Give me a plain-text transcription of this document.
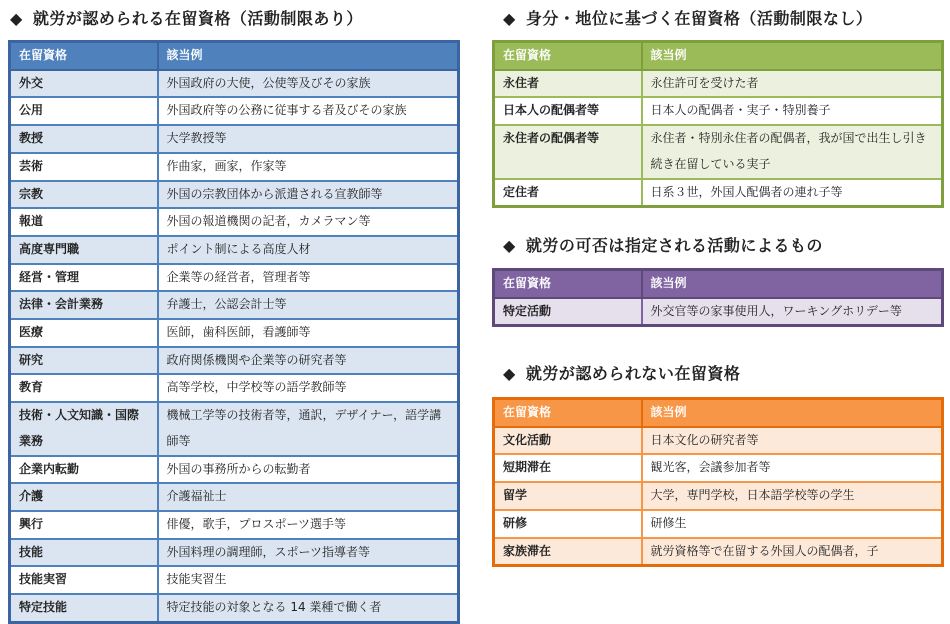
◆ 就労が認められる在留資格（活動制限あり）	◆ 身分・地位に基づく在留資格（活動制限なし）
◆ 就労の可否は指定される活動によるもの
◆ 就労が認められない在留資格
在留資格	該当例
外交	外国政府の大使，公使等及びその家族
公用	外国政府等の公務に従事する者及びその家族
教授	大学教授等
芸術	作曲家，画家，作家等
宗教	外国の宗教団体から派遣される宣教師等
報道	外国の報道機関の記者，カメラマン等
高度専門職	ポイント制による高度人材
経営・管理	企業等の経営者，管理者等
法律・会計業務	弁護士，公認会計士等
医療	医師，歯科医師，看護師等
研究	政府関係機関や企業等の研究者等
教育	高等学校，中学校等の語学教師等
技術・人文知識・国際業務	機械工学等の技術者等，通訳，デザイナー，語学講師等
企業内転勤	外国の事務所からの転勤者
介護	介護福祉士
興行	俳優，歌手，プロスポーツ選手等
技能	外国料理の調理師，スポーツ指導者等
技能実習	技能実習生
特定技能	特定技能の対象となる 14 業種で働く者
在留資格	該当例
永住者	永住許可を受けた者
日本人の配偶者等	日本人の配偶者・実子・特別養子
永住者の配偶者等	永住者・特別永住者の配偶者，我が国で出生し引き続き在留している実子
定住者	日系３世，外国人配偶者の連れ子等
在留資格	該当例
特定活動	外交官等の家事使用人，ワーキングホリデー等
在留資格	該当例
文化活動	日本文化の研究者等
短期滞在	観光客，会議参加者等
留学	大学，専門学校，日本語学校等の学生
研修	研修生
家族滞在	就労資格等で在留する外国人の配偶者，子
